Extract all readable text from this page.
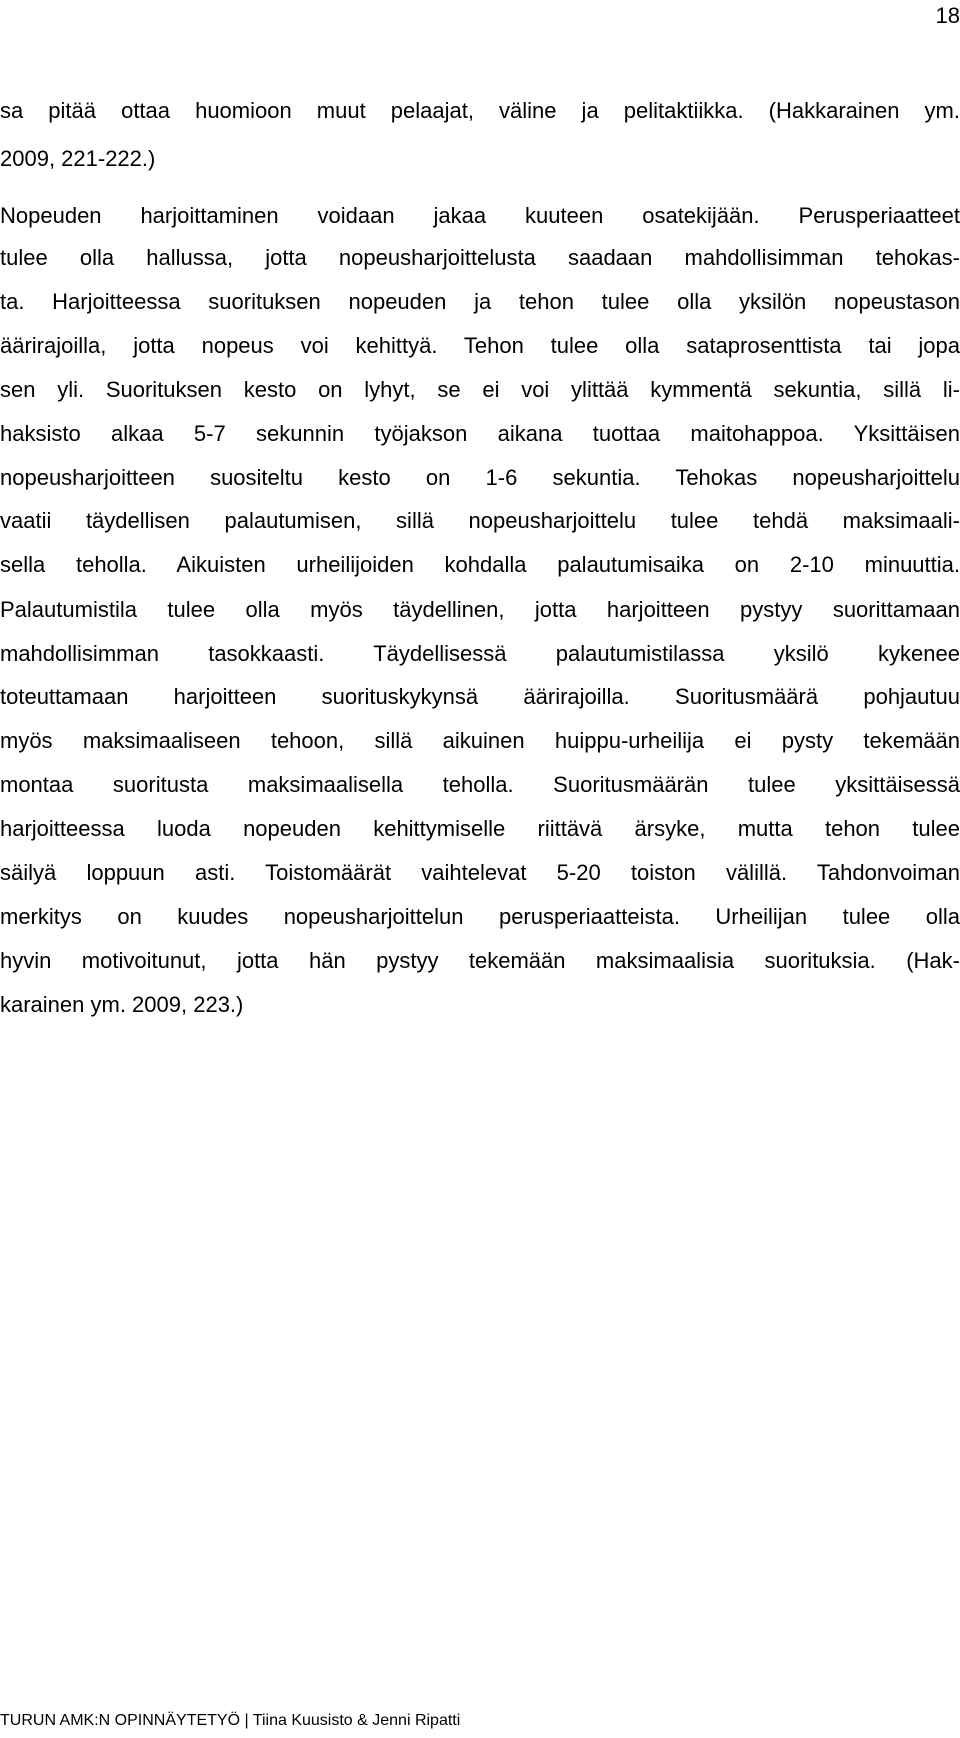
18
sa pitää ottaa huomioon muut pelaajat, väline ja pelitaktiikka. (Hakkarainen ym.
2009, 221-222.)
Nopeuden harjoittaminen voidaan jakaa kuuteen osatekijään. Perusperiaatteet
tulee olla hallussa, jotta nopeusharjoittelusta saadaan mahdollisimman tehokas-
ta. Harjoitteessa suorituksen nopeuden ja tehon tulee olla yksilön nopeustason
äärirajoilla, jotta nopeus voi kehittyä. Tehon tulee olla sataprosenttista tai jopa
sen yli. Suorituksen kesto on lyhyt, se ei voi ylittää kymmentä sekuntia, sillä li-
haksisto alkaa 5-7 sekunnin työjakson aikana tuottaa maitohappoa. Yksittäisen
nopeusharjoitteen suositeltu kesto on 1-6 sekuntia. Tehokas nopeusharjoittelu
vaatii täydellisen palautumisen, sillä nopeusharjoittelu tulee tehdä maksimaali-
sella teholla. Aikuisten urheilijoiden kohdalla palautumisaika on 2-10 minuuttia.
Palautumistila tulee olla myös täydellinen, jotta harjoitteen pystyy suorittamaan
mahdollisimman tasokkaasti. Täydellisessä palautumistilassa yksilö kykenee
toteuttamaan harjoitteen suorituskykynsä äärirajoilla. Suoritusmäärä pohjautuu
myös maksimaaliseen tehoon, sillä aikuinen huippu-urheilija ei pysty tekemään
montaa suoritusta maksimaalisella teholla. Suoritusmäärän tulee yksittäisessä
harjoitteessa luoda nopeuden kehittymiselle riittävä ärsyke, mutta tehon tulee
säilyä loppuun asti. Toistomäärät vaihtelevat 5-20 toiston välillä. Tahdonvoiman
merkitys on kuudes nopeusharjoittelun perusperiaatteista. Urheilijan tulee olla
hyvin motivoitunut, jotta hän pystyy tekemään maksimaalisia suorituksia. (Hak-
karainen ym. 2009, 223.)
TURUN AMK:N OPINNÄYTETYÖ | Tiina Kuusisto & Jenni Ripatti
